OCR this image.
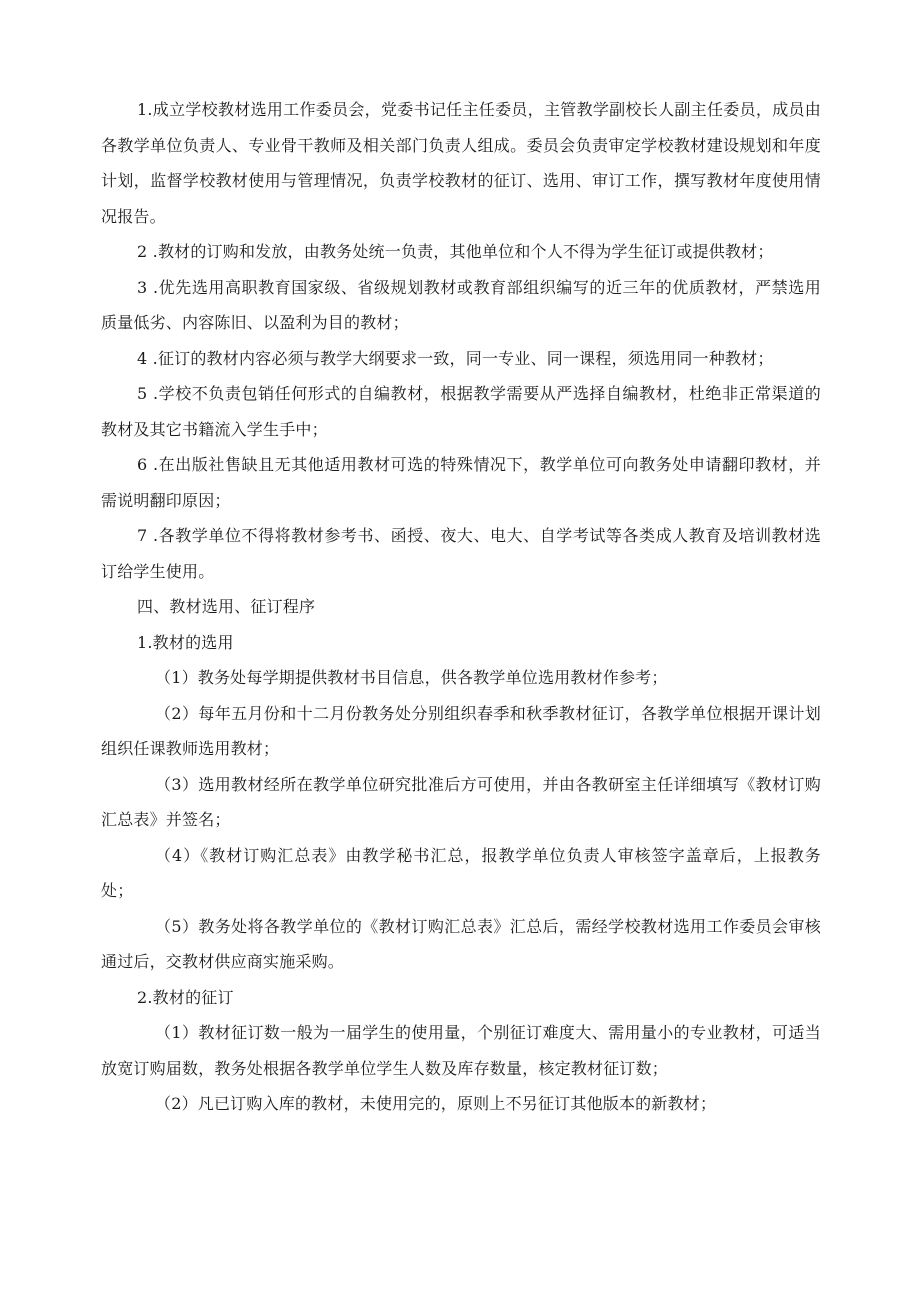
1.成立学校教材选用工作委员会，党委书记任主任委员，主管教学副校长人副主任委员，成员由各教学单位负责人、专业骨干教师及相关部门负责人组成。委员会负责审定学校教材建设规划和年度计划，监督学校教材使用与管理情况，负责学校教材的征订、选用、审订工作，撰写教材年度使用情况报告。

2 .教材的订购和发放，由教务处统一负责，其他单位和个人不得为学生征订或提供教材；

3 .优先选用高职教育国家级、省级规划教材或教育部组织编写的近三年的优质教材，严禁选用质量低劣、内容陈旧、以盈利为目的教材；

4 .征订的教材内容必须与教学大纲要求一致，同一专业、同一课程，须选用同一种教材；

5 .学校不负责包销任何形式的自编教材，根据教学需要从严选择自编教材，杜绝非正常渠道的教材及其它书籍流入学生手中；

6 .在出版社售缺且无其他适用教材可选的特殊情况下，教学单位可向教务处申请翻印教材，并需说明翻印原因；

7 .各教学单位不得将教材参考书、函授、夜大、电大、自学考试等各类成人教育及培训教材选订给学生使用。

四、教材选用、征订程序

1.教材的选用

（1）教务处每学期提供教材书目信息，供各教学单位选用教材作参考；

（2）每年五月份和十二月份教务处分别组织春季和秋季教材征订，各教学单位根据开课计划组织任课教师选用教材；

（3）选用教材经所在教学单位研究批准后方可使用，并由各教研室主任详细填写《教材订购汇总表》并签名；

（4）《教材订购汇总表》由教学秘书汇总，报教学单位负责人审核签字盖章后，上报教务处；

（5）教务处将各教学单位的《教材订购汇总表》汇总后，需经学校教材选用工作委员会审核通过后，交教材供应商实施采购。

2.教材的征订

（1）教材征订数一般为一届学生的使用量，个别征订难度大、需用量小的专业教材，可适当放宽订购届数，教务处根据各教学单位学生人数及库存数量，核定教材征订数；

（2）凡已订购入库的教材，未使用完的，原则上不另征订其他版本的新教材；
